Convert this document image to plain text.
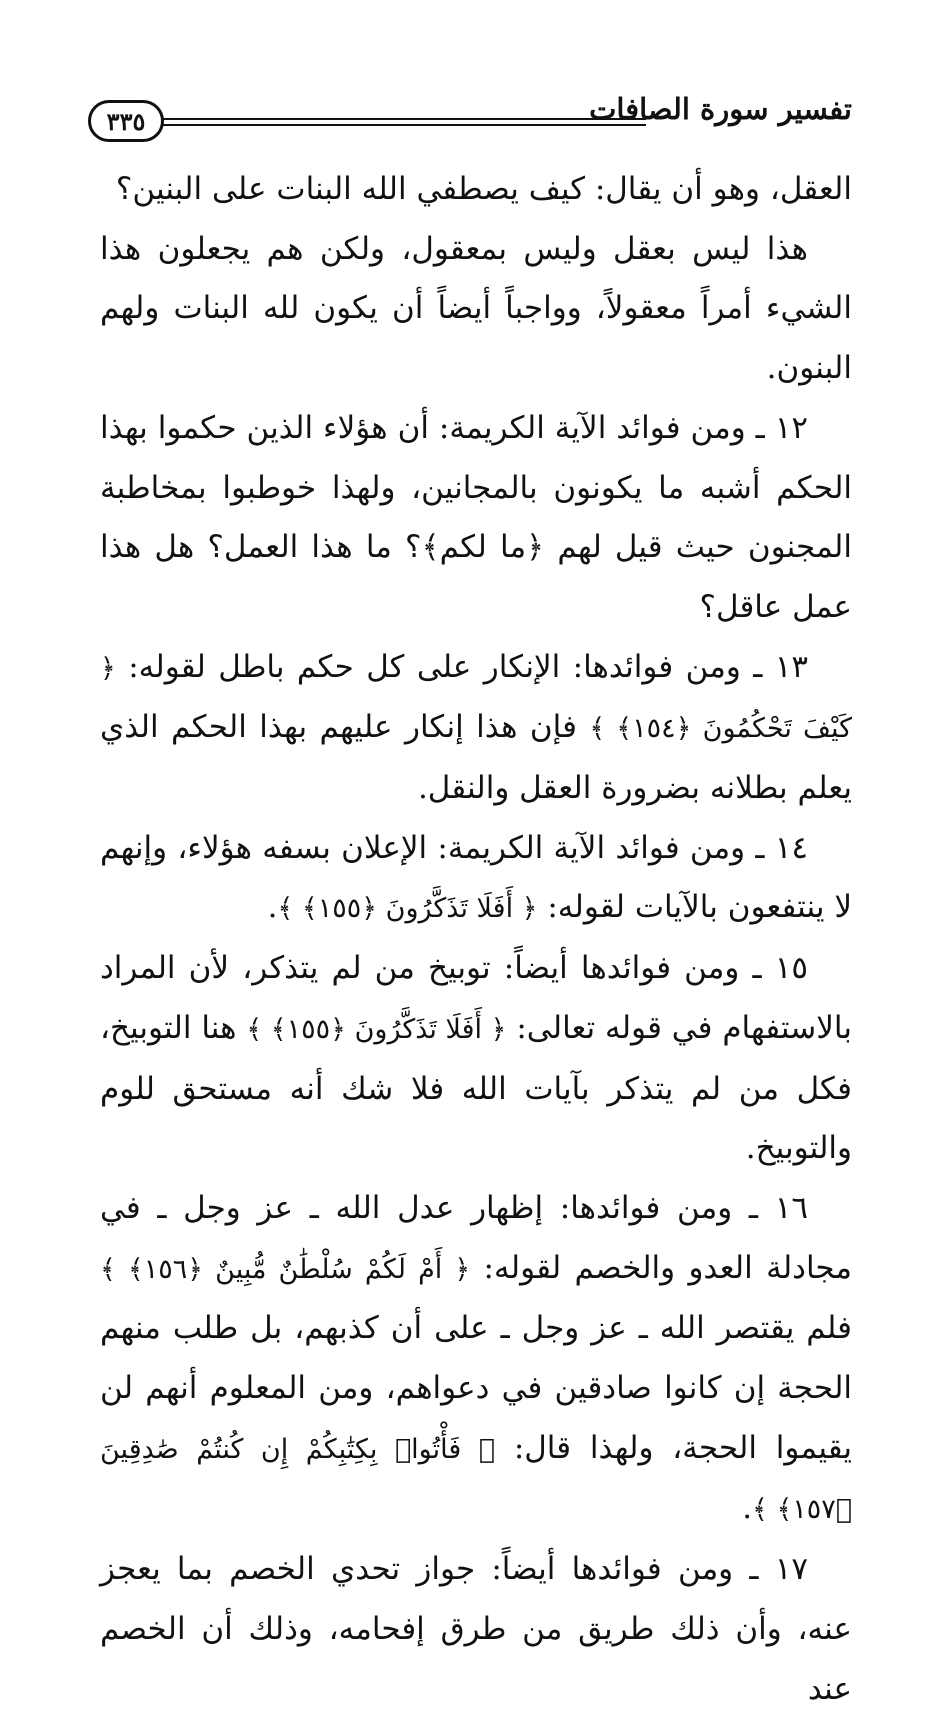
٣٣٥	تفسير سورة الصافات

العقل، وهو أن يقال: كيف يصطفي الله البنات على البنين؟

هذا ليس بعقل وليس بمعقول، ولكن هم يجعلون هذا الشيء أمراً معقولاً، وواجباً أيضاً أن يكون لله البنات ولهم البنون.

١٢ ـ ومن فوائد الآية الكريمة: أن هؤلاء الذين حكموا بهذا الحكم أشبه ما يكونون بالمجانين، ولهذا خوطبوا بمخاطبة المجنون حيث قيل لهم ﴿ما لكم﴾؟ ما هذا العمل؟ هل هذا عمل عاقل؟

١٣ ـ ومن فوائدها: الإنكار على كل حكم باطل لقوله: ﴿ كَيْفَ تَحْكُمُونَ ﴿١٥٤﴾ ﴾ فإن هذا إنكار عليهم بهذا الحكم الذي يعلم بطلانه بضرورة العقل والنقل.

١٤ ـ ومن فوائد الآية الكريمة: الإعلان بسفه هؤلاء، وإنهم لا ينتفعون بالآيات لقوله: ﴿ أَفَلَا تَذَكَّرُونَ ﴿١٥٥﴾ ﴾.

١٥ ـ ومن فوائدها أيضاً: توبيخ من لم يتذكر، لأن المراد بالاستفهام في قوله تعالى: ﴿ أَفَلَا تَذَكَّرُونَ ﴿١٥٥﴾ ﴾ هنا التوبيخ، فكل من لم يتذكر بآيات الله فلا شك أنه مستحق للوم والتوبيخ.

١٦ ـ ومن فوائدها: إظهار عدل الله ـ عز وجل ـ في مجادلة العدو والخصم لقوله: ﴿ أَمْ لَكُمْ سُلْطَٰنٌ مُّبِينٌ ﴿١٥٦﴾ ﴾ فلم يقتصر الله ـ عز وجل ـ على أن كذبهم، بل طلب منهم الحجة إن كانوا صادقين في دعواهم، ومن المعلوم أنهم لن يقيموا الحجة، ولهذا قال: ﴿ فَأْتُوا۟ بِكِتَٰبِكُمْ إِن كُنتُمْ صَٰدِقِينَ ﴿١٥٧﴾ ﴾.

١٧ ـ ومن فوائدها أيضاً: جواز تحدي الخصم بما يعجز عنه، وأن ذلك طريق من طرق إفحامه، وذلك أن الخصم عند
